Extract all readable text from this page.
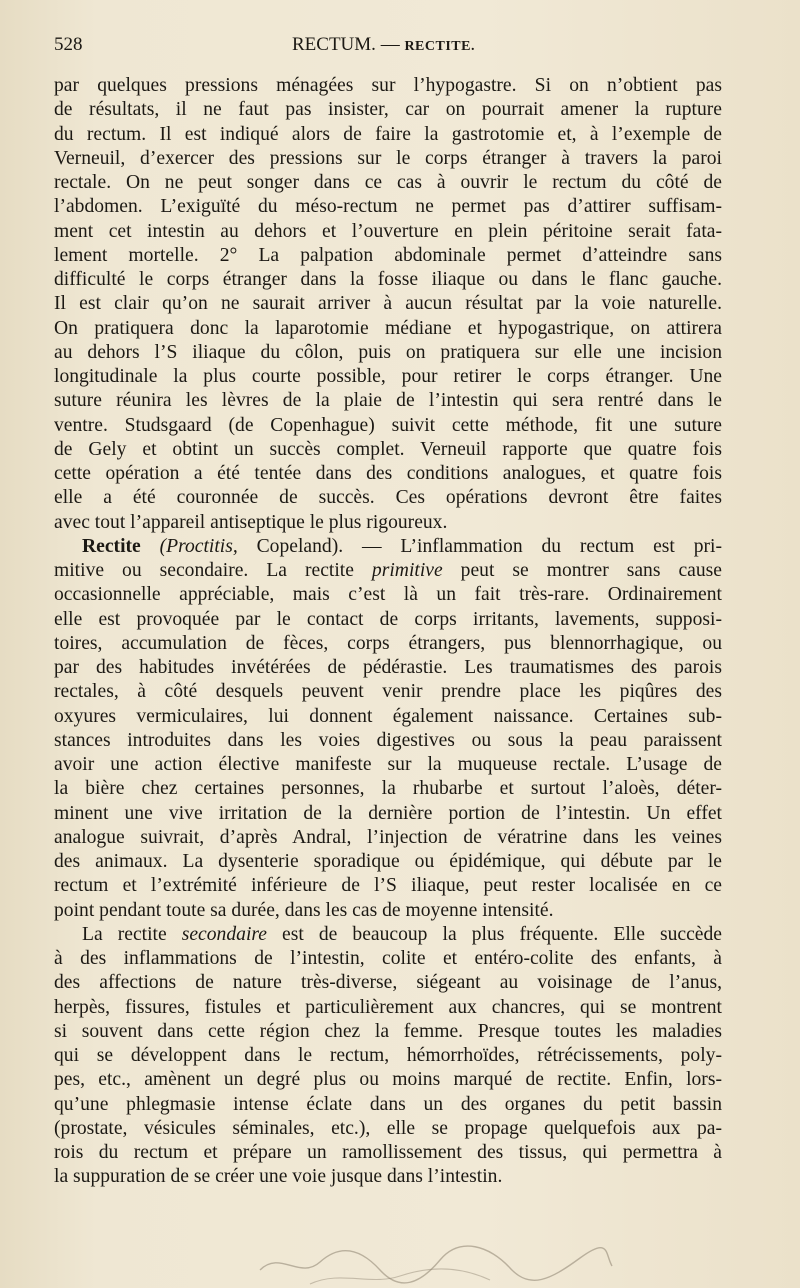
528	RECTUM. — RECTITE.
par quelques pressions ménagées sur l’hypogastre. Si on n’obtient pas
de résultats, il ne faut pas insister, car on pourrait amener la rupture
du rectum. Il est indiqué alors de faire la gastrotomie et, à l’exemple de
Verneuil, d’exercer des pressions sur le corps étranger à travers la paroi
rectale. On ne peut songer dans ce cas à ouvrir le rectum du côté de
l’abdomen. L’exiguïté du méso-rectum ne permet pas d’attirer suffisam-
ment cet intestin au dehors et l’ouverture en plein péritoine serait fata-
lement mortelle. 2° La palpation abdominale permet d’atteindre sans
difficulté le corps étranger dans la fosse iliaque ou dans le flanc gauche.
Il est clair qu’on ne saurait arriver à aucun résultat par la voie naturelle.
On pratiquera donc la laparotomie médiane et hypogastrique, on attirera
au dehors l’S iliaque du côlon, puis on pratiquera sur elle une incision
longitudinale la plus courte possible, pour retirer le corps étranger. Une
suture réunira les lèvres de la plaie de l’intestin qui sera rentré dans le
ventre. Studsgaard (de Copenhague) suivit cette méthode, fit une suture
de Gely et obtint un succès complet. Verneuil rapporte que quatre fois
cette opération a été tentée dans des conditions analogues, et quatre fois
elle a été couronnée de succès. Ces opérations devront être faites
avec tout l’appareil antiseptique le plus rigoureux.
Rectite (Proctitis, Copeland). — L’inflammation du rectum est pri-
mitive ou secondaire. La rectite primitive peut se montrer sans cause
occasionnelle appréciable, mais c’est là un fait très-rare. Ordinairement
elle est provoquée par le contact de corps irritants, lavements, supposi-
toires, accumulation de fèces, corps étrangers, pus blennorrhagique, ou
par des habitudes invétérées de pédérastie. Les traumatismes des parois
rectales, à côté desquels peuvent venir prendre place les piqûres des
oxyures vermiculaires, lui donnent également naissance. Certaines sub-
stances introduites dans les voies digestives ou sous la peau paraissent
avoir une action élective manifeste sur la muqueuse rectale. L’usage de
la bière chez certaines personnes, la rhubarbe et surtout l’aloès, déter-
minent une vive irritation de la dernière portion de l’intestin. Un effet
analogue suivrait, d’après Andral, l’injection de vératrine dans les veines
des animaux. La dysenterie sporadique ou épidémique, qui débute par le
rectum et l’extrémité inférieure de l’S iliaque, peut rester localisée en ce
point pendant toute sa durée, dans les cas de moyenne intensité.
La rectite secondaire est de beaucoup la plus fréquente. Elle succède
à des inflammations de l’intestin, colite et entéro-colite des enfants, à
des affections de nature très-diverse, siégeant au voisinage de l’anus,
herpès, fissures, fistules et particulièrement aux chancres, qui se montrent
si souvent dans cette région chez la femme. Presque toutes les maladies
qui se développent dans le rectum, hémorrhoïdes, rétrécissements, poly-
pes, etc., amènent un degré plus ou moins marqué de rectite. Enfin, lors-
qu’une phlegmasie intense éclate dans un des organes du petit bassin
(prostate, vésicules séminales, etc.), elle se propage quelquefois aux pa-
rois du rectum et prépare un ramollissement des tissus, qui permettra à
la suppuration de se créer une voie jusque dans l’intestin.
